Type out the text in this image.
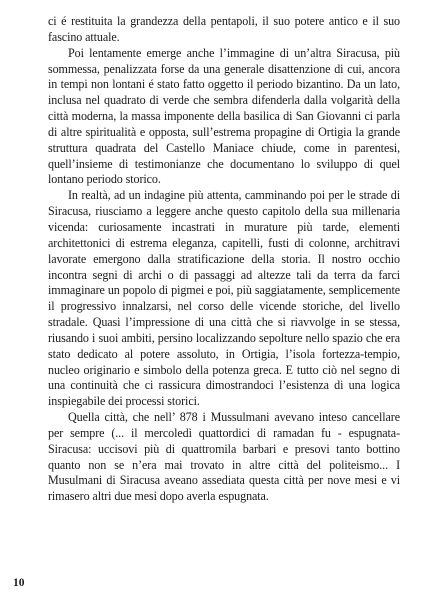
ci é restituita la grandezza della pentapoli, il suo potere antico e il suo fascino attuale.

Poi lentamente emerge anche l’immagine di un’altra Siracusa, più sommessa, penalizzata forse da una generale disattenzione di cui, ancora in tempi non lontani é stato fatto oggetto il periodo bizantino. Da un lato, inclusa nel quadrato di verde che sembra difenderla dalla volgarità della città moderna, la massa imponente della basilica di San Giovanni ci parla di altre spiritualità e opposta, sull’estrema propagine di Ortigia la grande struttura quadrata del Castello Maniace chiude, come in parentesi, quell’insieme di testimonianze che documentano lo sviluppo di quel lontano periodo storico.

In realtà, ad un indagine più attenta, camminando poi per le strade di Siracusa, riusciamo a leggere anche questo capitolo della sua millenaria vicenda: curiosamente incastrati in murature più tarde, elementi architettonici di estrema eleganza, capitelli, fusti di colonne, architravi lavorate emergono dalla stratificazione della storia. Il nostro occhio incontra segni di archi o di passaggi ad altezze tali da terra da farci immaginare un popolo di pigmei e poi, più saggiatamente, semplicemente il progressivo innalzarsi, nel corso delle vicende storiche, del livello stradale. Quasi l’impressione di una città che si riavvolge in se stessa, riusando i suoi ambiti, persino localizzando sepolture nello spazio che era stato dedicato al potere assoluto, in Ortigia, l’isola fortezza-tempio, nucleo originario e simbolo della potenza greca. E tutto ciò nel segno di una continuità che ci rassicura dimostrandoci l’esistenza di una logica inspiegabile dei processi storici.

Quella città, che nell’ 878 i Mussulmani avevano inteso cancellare per sempre (... il mercoledì quattordici di ramadan fu - espugnata- Siracusa: uccisovi più di quattromila barbari e presovi tanto bottino quanto non se n’era mai trovato in altre città del politeismo... I Musulmani di Siracusa aveano assediata questa città per nove mesi e vi rimasero altri due mesi dopo averla espugnata.

10
